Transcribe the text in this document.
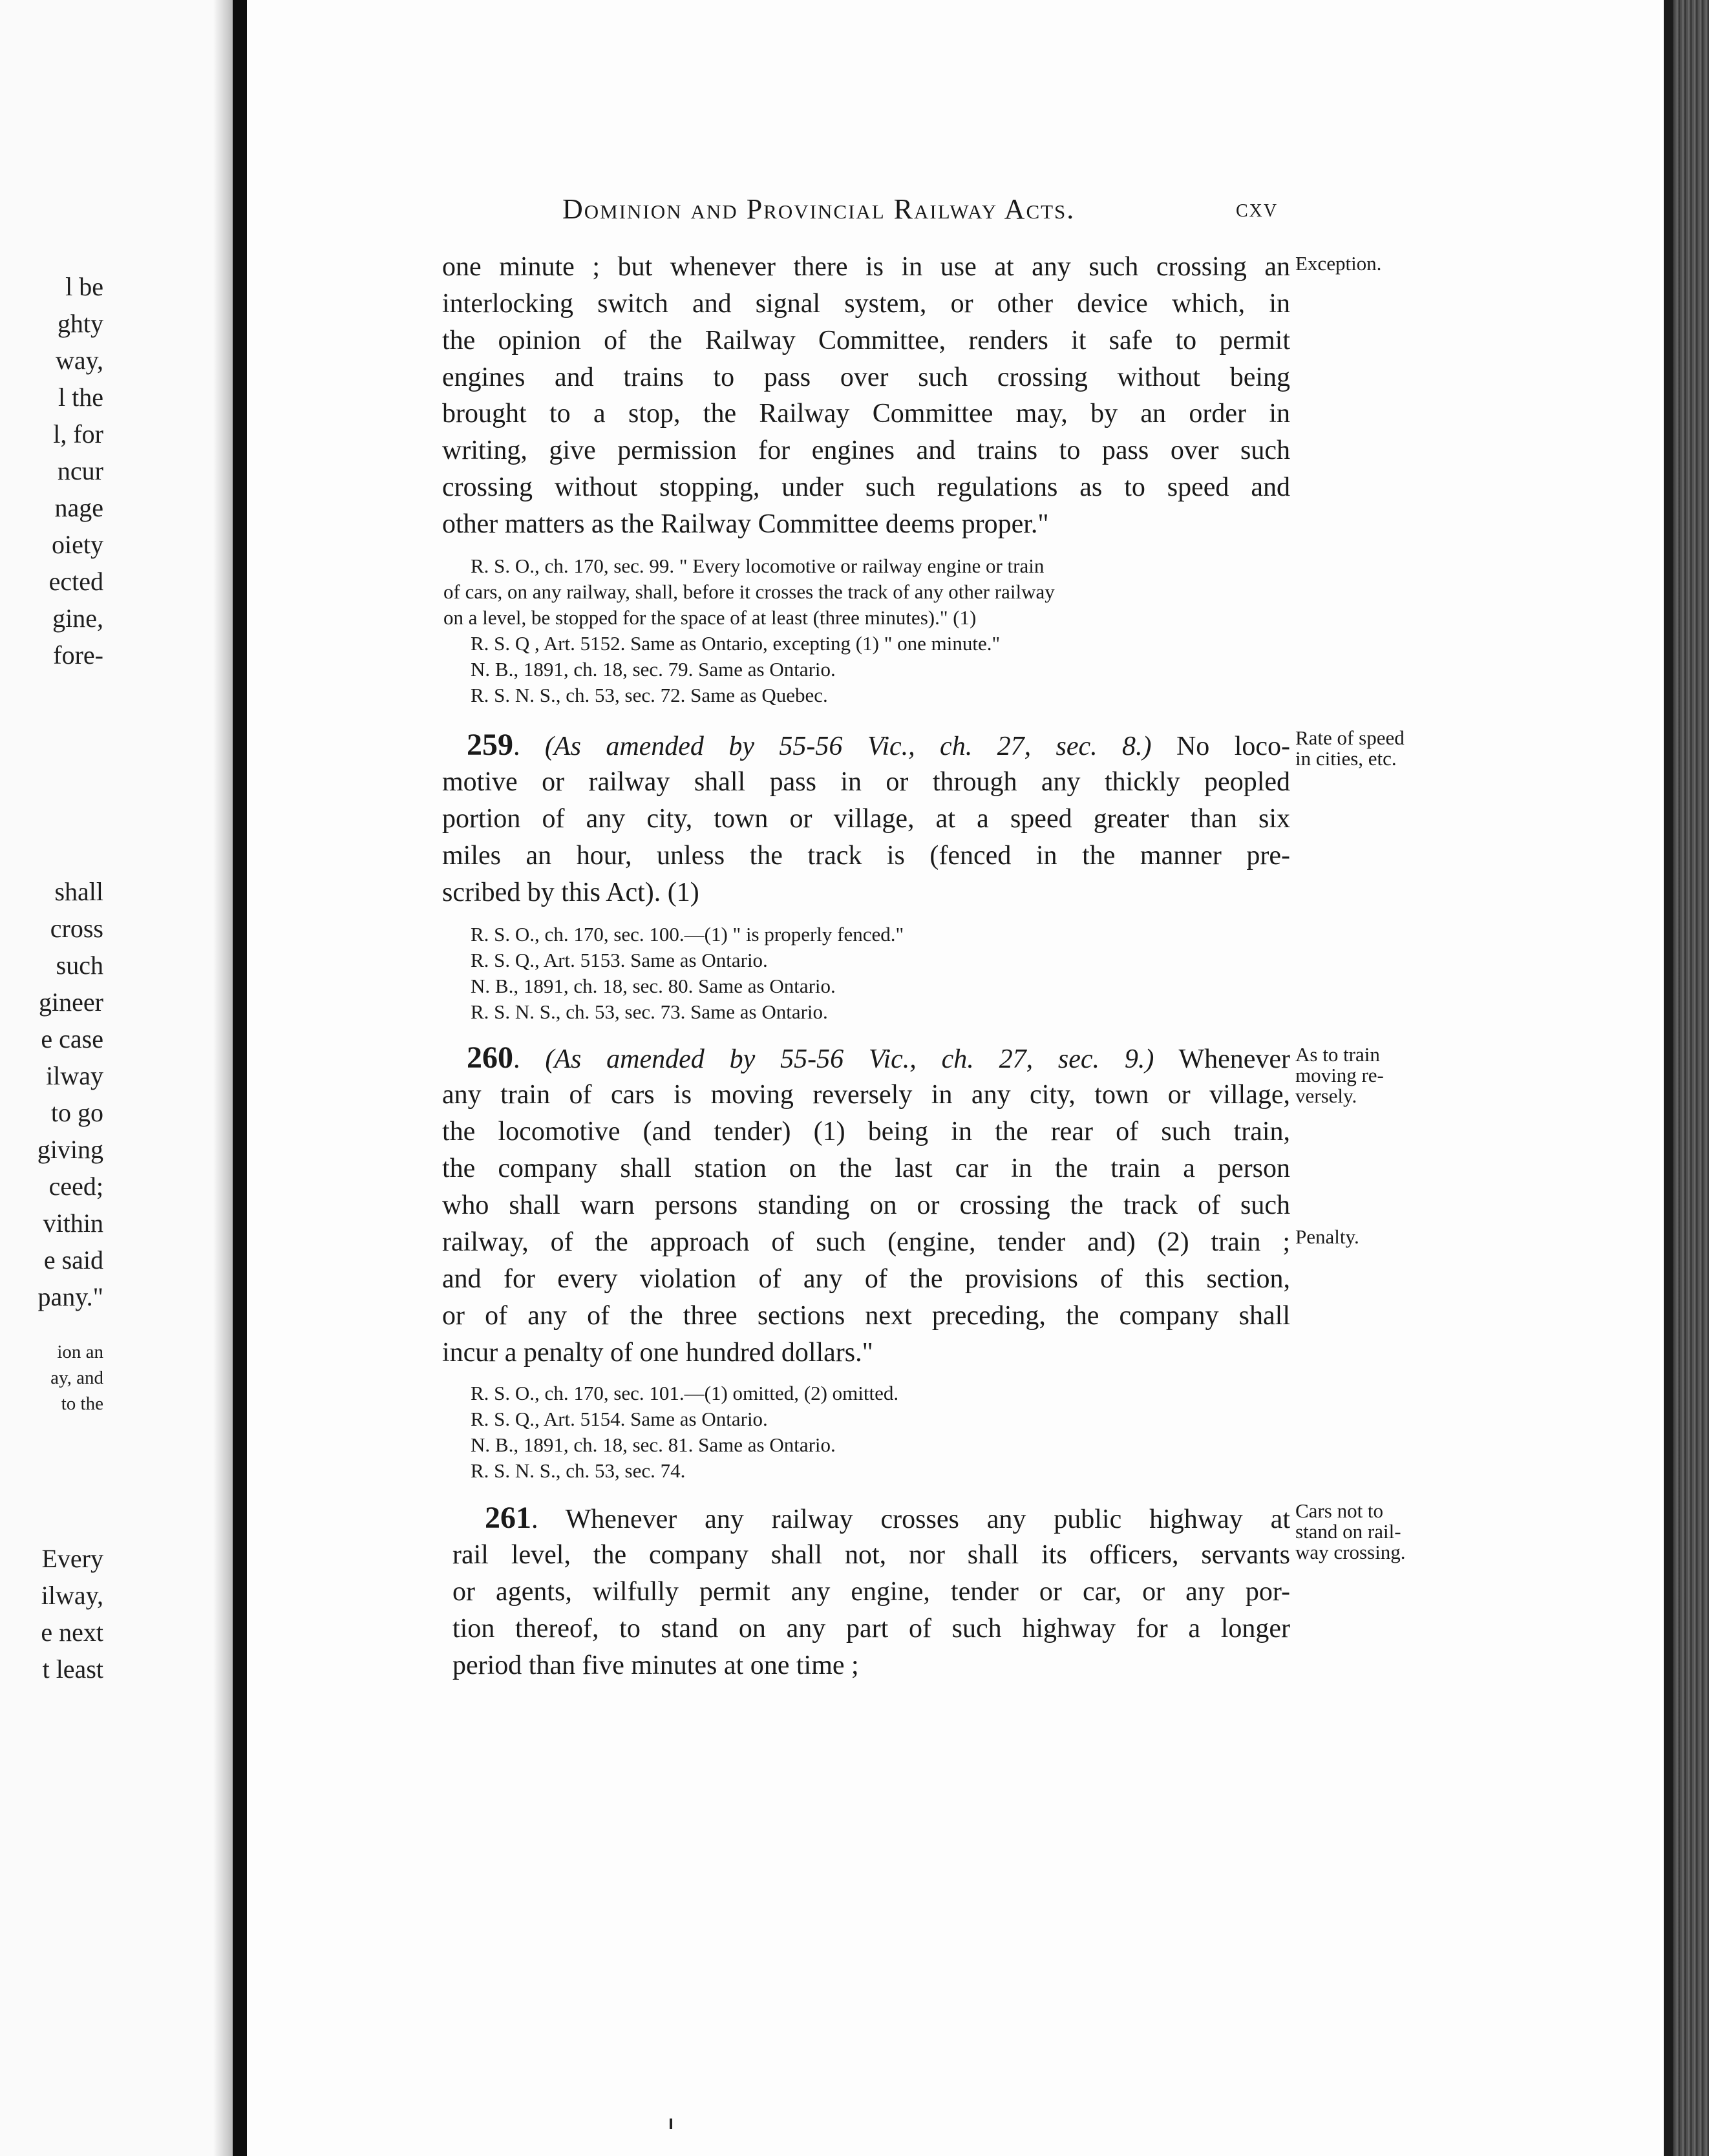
l be
ghty
way,
l the
l, for
ncur
nage
oiety
ected
gine,
fore-
shall
cross
such
gineer
e case
ilway
to go
giving
ceed;
vithin
e said
pany."
ion an
ay, and
to the
Every
ilway,
e next
t least
Dominion and Provincial Railway Acts.	cxv
one minute ; but whenever there is in use at any such crossing an
interlocking switch and signal system, or other device which, in
the opinion of the Railway Committee, renders it safe to permit
engines and trains to pass over such crossing without being
brought to a stop, the Railway Committee may, by an order in
writing, give permission for engines and trains to pass over such
crossing without stopping, under such regulations as to speed and
other matters as the Railway Committee deems proper."
Exception.
R. S. O., ch. 170, sec. 99. " Every locomotive or railway engine or train
of cars, on any railway, shall, before it crosses the track of any other railway
on a level, be stopped for the space of at least (three minutes)." (1)
R. S. Q , Art. 5152. Same as Ontario, excepting (1) " one minute."
N. B., 1891, ch. 18, sec. 79. Same as Ontario.
R. S. N. S., ch. 53, sec. 72. Same as Quebec.
259. (As amended by 55-56 Vic., ch. 27, sec. 8.) No loco-
motive or railway shall pass in or through any thickly peopled
portion of any city, town or village, at a speed greater than six
miles an hour, unless the track is (fenced in the manner pre-
scribed by this Act). (1)
Rate of speed
in cities, etc.
R. S. O., ch. 170, sec. 100.—(1) " is properly fenced."
R. S. Q., Art. 5153. Same as Ontario.
N. B., 1891, ch. 18, sec. 80. Same as Ontario.
R. S. N. S., ch. 53, sec. 73. Same as Ontario.
260. (As amended by 55-56 Vic., ch. 27, sec. 9.) Whenever
any train of cars is moving reversely in any city, town or village,
the locomotive (and tender) (1) being in the rear of such train,
the company shall station on the last car in the train a person
who shall warn persons standing on or crossing the track of such
railway, of the approach of such (engine, tender and) (2) train ;
and for every violation of any of the provisions of this section,
or of any of the three sections next preceding, the company shall
incur a penalty of one hundred dollars."
As to train
moving re-
versely.
Penalty.
R. S. O., ch. 170, sec. 101.—(1) omitted, (2) omitted.
R. S. Q., Art. 5154. Same as Ontario.
N. B., 1891, ch. 18, sec. 81. Same as Ontario.
R. S. N. S., ch. 53, sec. 74.
261. Whenever any railway crosses any public highway at
rail level, the company shall not, nor shall its officers, servants
or agents, wilfully permit any engine, tender or car, or any por-
tion thereof, to stand on any part of such highway for a longer
period than five minutes at one time ;
Cars not to
stand on rail-
way crossing.
